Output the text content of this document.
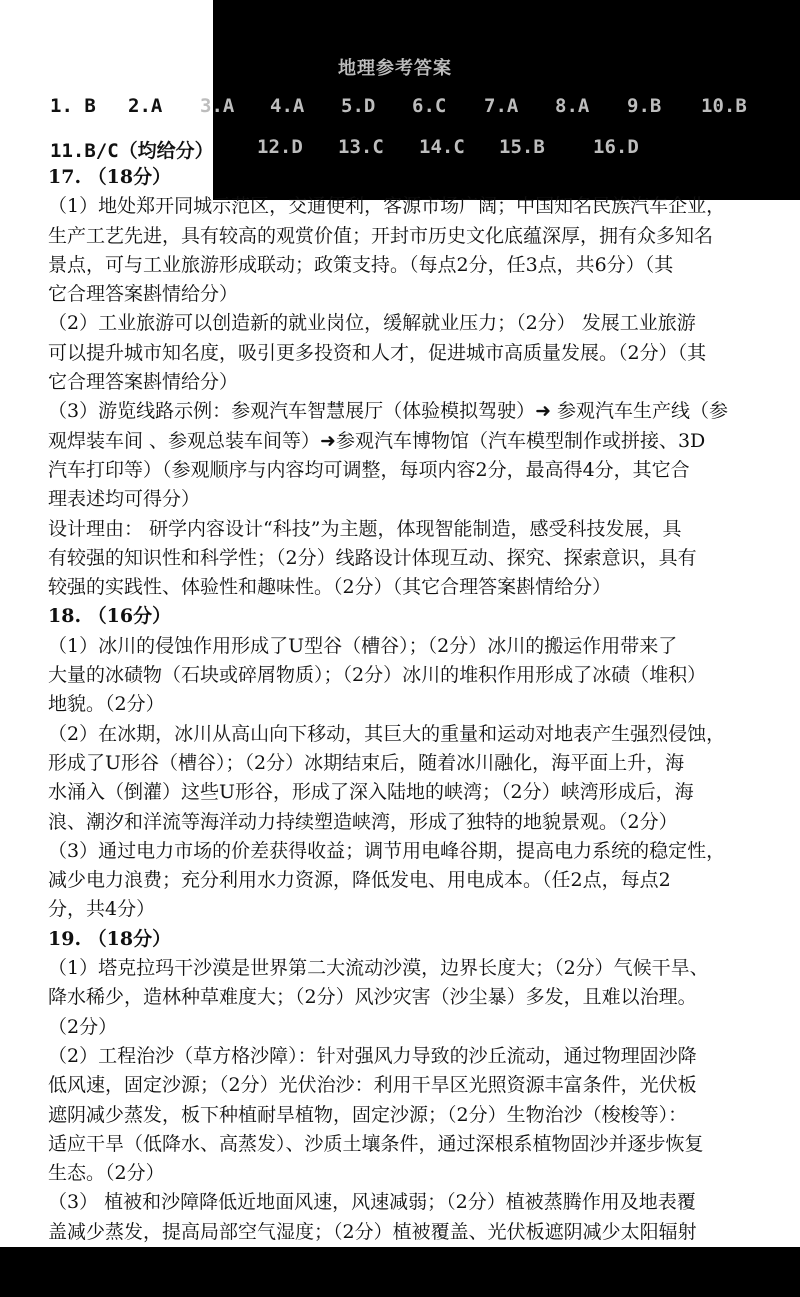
地理参考答案
1. B 2.A 3.A 4.A 5.D 6.C 7.A 8.A 9.B 10.B
11.B/C（均给分） 12.D 13.C 14.C 15.B	16.D

17. （18分）

（1）地处郑开同城示范区，交通便利，客源市场广阔；中国知名民族汽车企业，

生产工艺先进，具有较高的观赏价值；开封市历史文化底蕴深厚，拥有众多知名

景点，可与工业旅游形成联动；政策支持。（每点2分，任3点，共6分）（其

它合理答案斟情给分）

（2）工业旅游可以创造新的就业岗位，缓解就业压力；（2分） 发展工业旅游

可以提升城市知名度，吸引更多投资和人才，促进城市高质量发展。（2分）（其

它合理答案斟情给分）

（3）游览线路示例：参观汽车智慧展厅（体验模拟驾驶）➜ 参观汽车生产线（参

观焊装车间 、参观总装车间等）➜参观汽车博物馆（汽车模型制作或拼接、3D

汽车打印等）（参观顺序与内容均可调整，每项内容2分，最高得4分，其它合

理表述均可得分）

设计理由： 研学内容设计“科技”为主题，体现智能制造，感受科技发展，具

有较强的知识性和科学性；（2分）线路设计体现互动、探究、探索意识，具有

较强的实践性、体验性和趣味性。（2分）（其它合理答案斟情给分）

18. （16分）

（1）冰川的侵蚀作用形成了U型谷（槽谷）；（2分）冰川的搬运作用带来了

大量的冰碛物（石块或碎屑物质）；（2分）冰川的堆积作用形成了冰碛（堆积）

地貌。（2分）

（2）在冰期，冰川从高山向下移动，其巨大的重量和运动对地表产生强烈侵蚀，

形成了U形谷（槽谷）；（2分）冰期结束后，随着冰川融化，海平面上升，海

水涌入（倒灌）这些U形谷，形成了深入陆地的峡湾；（2分）峡湾形成后，海

浪、潮汐和洋流等海洋动力持续塑造峡湾，形成了独特的地貌景观。（2分）

（3）通过电力市场的价差获得收益；调节用电峰谷期，提高电力系统的稳定性，

减少电力浪费；充分利用水力资源，降低发电、用电成本。（任2点，每点2

分，共4分）

19. （18分）

（1）塔克拉玛干沙漠是世界第二大流动沙漠，边界长度大；（2分）气候干旱、

降水稀少，造林种草难度大；（2分）风沙灾害（沙尘暴）多发，且难以治理。

（2分）

（2）工程治沙（草方格沙障）：针对强风力导致的沙丘流动，通过物理固沙降

低风速，固定沙源；（2分）光伏治沙：利用干旱区光照资源丰富条件，光伏板

遮阴减少蒸发，板下种植耐旱植物，固定沙源；（2分）生物治沙（梭梭等）：

适应干旱（低降水、高蒸发）、沙质土壤条件，通过深根系植物固沙并逐步恢复

生态。（2分）

（3） 植被和沙障降低近地面风速，风速减弱；（2分）植被蒸腾作用及地表覆

盖减少蒸发，提高局部空气湿度；（2分）植被覆盖、光伏板遮阴减少太阳辐射
